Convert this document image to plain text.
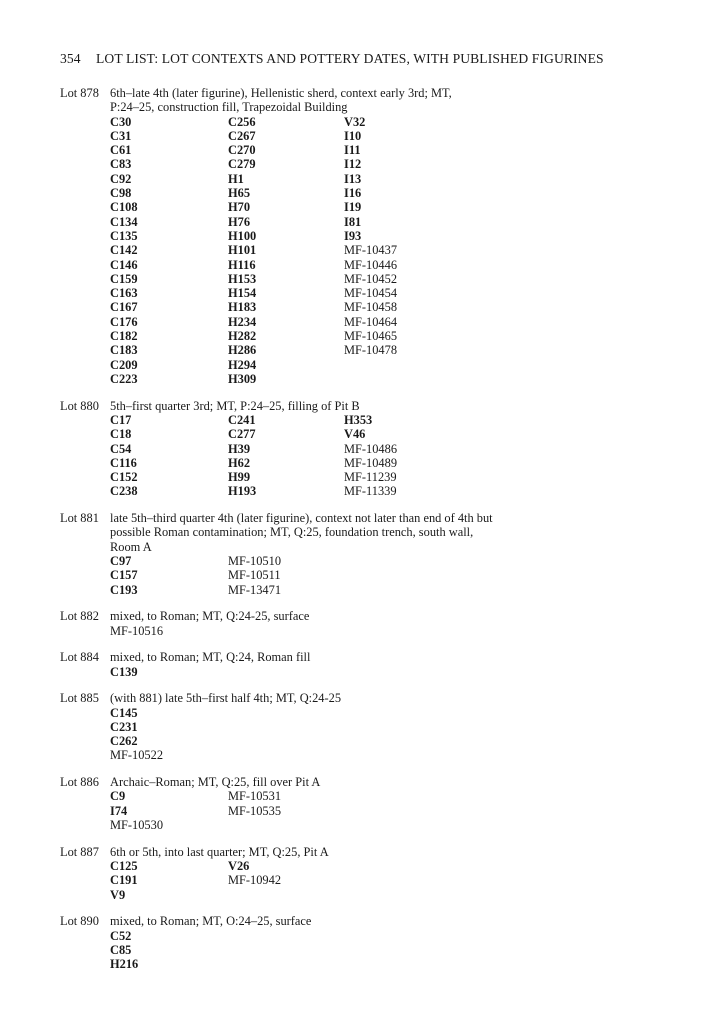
354 LOT LIST: LOT CONTEXTS AND POTTERY DATES, WITH PUBLISHED FIGURINES
Lot 878 6th–late 4th (later figurine), Hellenistic sherd, context early 3rd; MT,
P:24–25, construction fill, Trapezoidal Building
C30
C31
C61
C83
C92
C98
C108
C134
C135
C142
C146
C159
C163
C167
C176
C182
C183
C209
C223
C256
C267
C270
C279
H1
H65
H70
H76
H100
H101
H116
H153
H154
H183
H234
H282
H286
H294
H309
V32
I10
I11
I12
I13
I16
I19
I81
I93
MF-10437
MF-10446
MF-10452
MF-10454
MF-10458
MF-10464
MF-10465
MF-10478
Lot 880 5th–first quarter 3rd; MT, P:24–25, filling of Pit B
C17
C18
C54
C116
C152
C238
C241
C277
H39
H62
H99
H193
H353
V46
MF-10486
MF-10489
MF-11239
MF-11339
Lot 881 late 5th–third quarter 4th (later figurine), context not later than end of 4th but
possible Roman contamination; MT, Q:25, foundation trench, south wall,
Room A
C97
C157
C193
MF-10510
MF-10511
MF-13471
Lot 882 mixed, to Roman; MT, Q:24-25, surface
MF-10516
Lot 884 mixed, to Roman; MT, Q:24, Roman fill
C139
Lot 885 (with 881) late 5th–first half 4th; MT, Q:24-25
C145
C231
C262
MF-10522
Lot 886 Archaic–Roman; MT, Q:25, fill over Pit A
C9
I74
MF-10530
MF-10531
MF-10535
Lot 887 6th or 5th, into last quarter; MT, Q:25, Pit A
C125
C191
V9
V26
MF-10942
Lot 890 mixed, to Roman; MT, O:24–25, surface
C52
C85
H216
